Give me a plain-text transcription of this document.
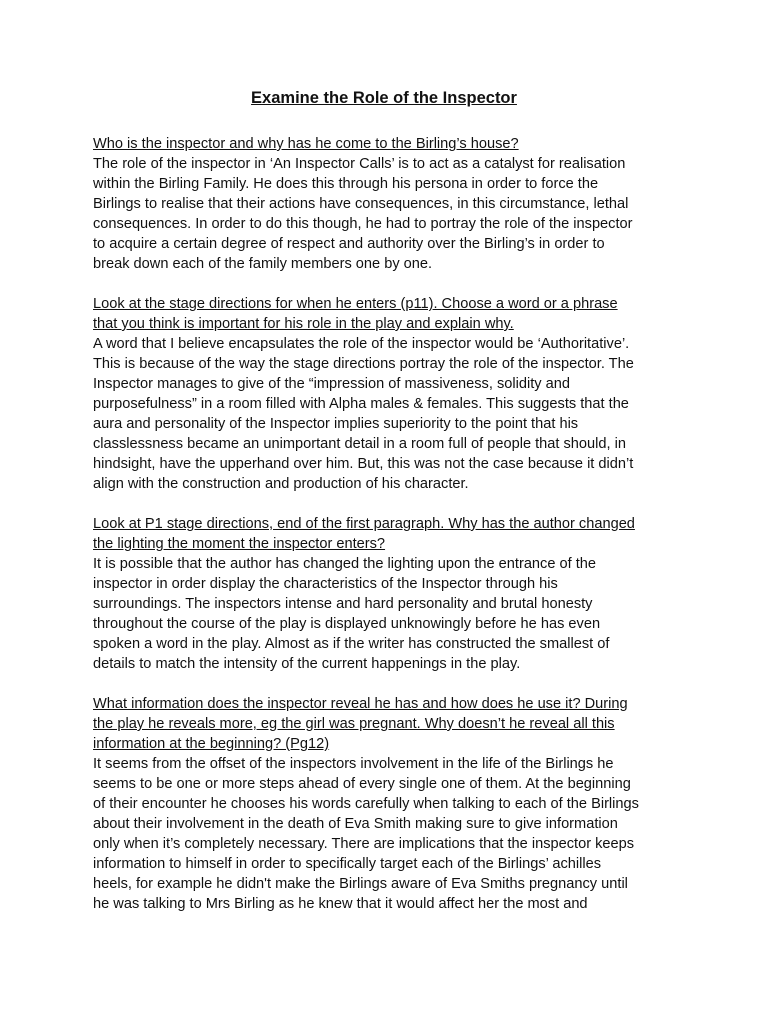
Examine the Role of the Inspector
Who is the inspector and why has he come to the Birling’s house?
The role of the inspector in ‘An Inspector Calls’ is to act as a catalyst for realisation
within the Birling Family. He does this through his persona in order to force the
Birlings to realise that their actions have consequences, in this circumstance, lethal
consequences. In order to do this though, he had to portray the role of the inspector
to acquire a certain degree of respect and authority over the Birling’s in order to
break down each of the family members one by one.
Look at the stage directions for when he enters (p11). Choose a word or a phrase
that you think is important for his role in the play and explain why.
A word that I believe encapsulates the role of the inspector would be ‘Authoritative’.
This is because of the way the stage directions portray the role of the inspector. The
Inspector manages to give of the “impression of massiveness, solidity and
purposefulness” in a room filled with Alpha males & females. This suggests that the
aura and personality of the Inspector implies superiority to the point that his
classlessness became an unimportant detail in a room full of people that should, in
hindsight, have the upperhand over him. But, this was not the case because it didn’t
align with the construction and production of his character.
Look at P1 stage directions, end of the first paragraph. Why has the author changed
the lighting the moment the inspector enters?
It is possible that the author has changed the lighting upon the entrance of the
inspector in order display the characteristics of the Inspector through his
surroundings. The inspectors intense and hard personality and brutal honesty
throughout the course of the play is displayed unknowingly before he has even
spoken a word in the play. Almost as if the writer has constructed the smallest of
details to match the intensity of the current happenings in the play.
What information does the inspector reveal he has and how does he use it? During
the play he reveals more, eg the girl was pregnant. Why doesn’t he reveal all this
information at the beginning? (Pg12)
It seems from the offset of the inspectors involvement in the life of the Birlings he
seems to be one or more steps ahead of every single one of them. At the beginning
of their encounter he chooses his words carefully when talking to each of the Birlings
about their involvement in the death of Eva Smith making sure to give information
only when it’s completely necessary. There are implications that the inspector keeps
information to himself in order to specifically target each of the Birlings’ achilles
heels, for example he didn't make the Birlings aware of Eva Smiths pregnancy until
he was talking to Mrs Birling as he knew that it would affect her the most and
